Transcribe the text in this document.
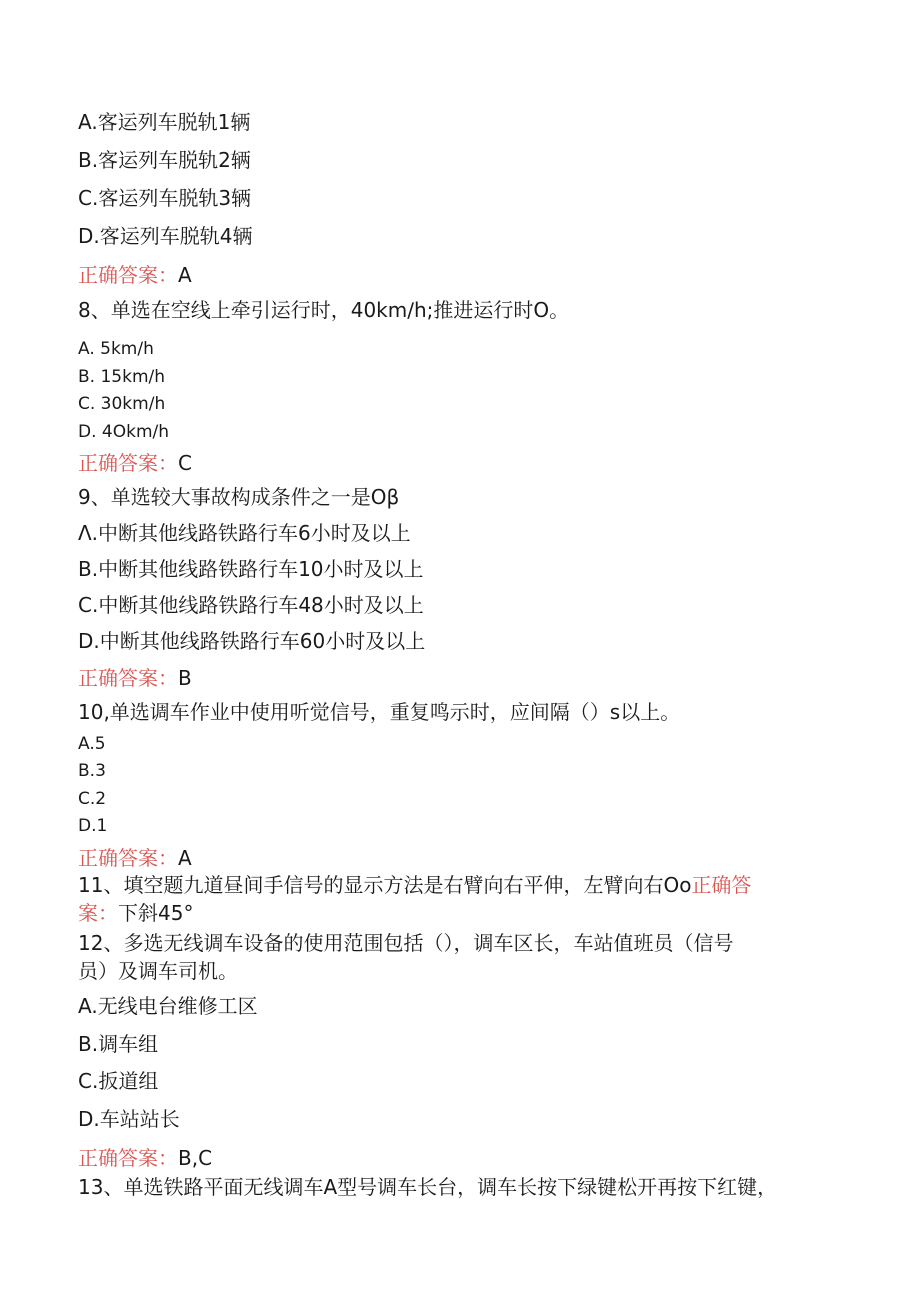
A.客运列车脱轨1辆
B.客运列车脱轨2辆
C.客运列车脱轨3辆
D.客运列车脱轨4辆
正确答案：A
8、单选在空线上牵引运行时，40km∕h;推进运行时O。
A. 5km∕h
B. 15km∕h
C. 30km∕h
D. 4Okm∕h
正确答案：C
9、单选较大事故构成条件之一是Oβ
Λ.中断其他线路铁路行车6小时及以上
B.中断其他线路铁路行车10小时及以上
C.中断其他线路铁路行车48小时及以上
D.中断其他线路铁路行车60小时及以上
正确答案：B
10,单选调车作业中使用听觉信号，重复鸣示时，应间隔（）s以上。
A.5
B.3
C.2
D.1
正确答案：A
11、填空题九道昼间手信号的显示方法是右臂向右平伸，左臂向右Oo正确答
案：下斜45°
12、多选无线调车设备的使用范围包括（），调车区长，车站值班员（信号
员）及调车司机。
A.无线电台维修工区
B.调车组
C.扳道组
D.车站站长
正确答案：B,C
13、单选铁路平面无线调车A型号调车长台，调车长按下绿键松开再按下红键，
